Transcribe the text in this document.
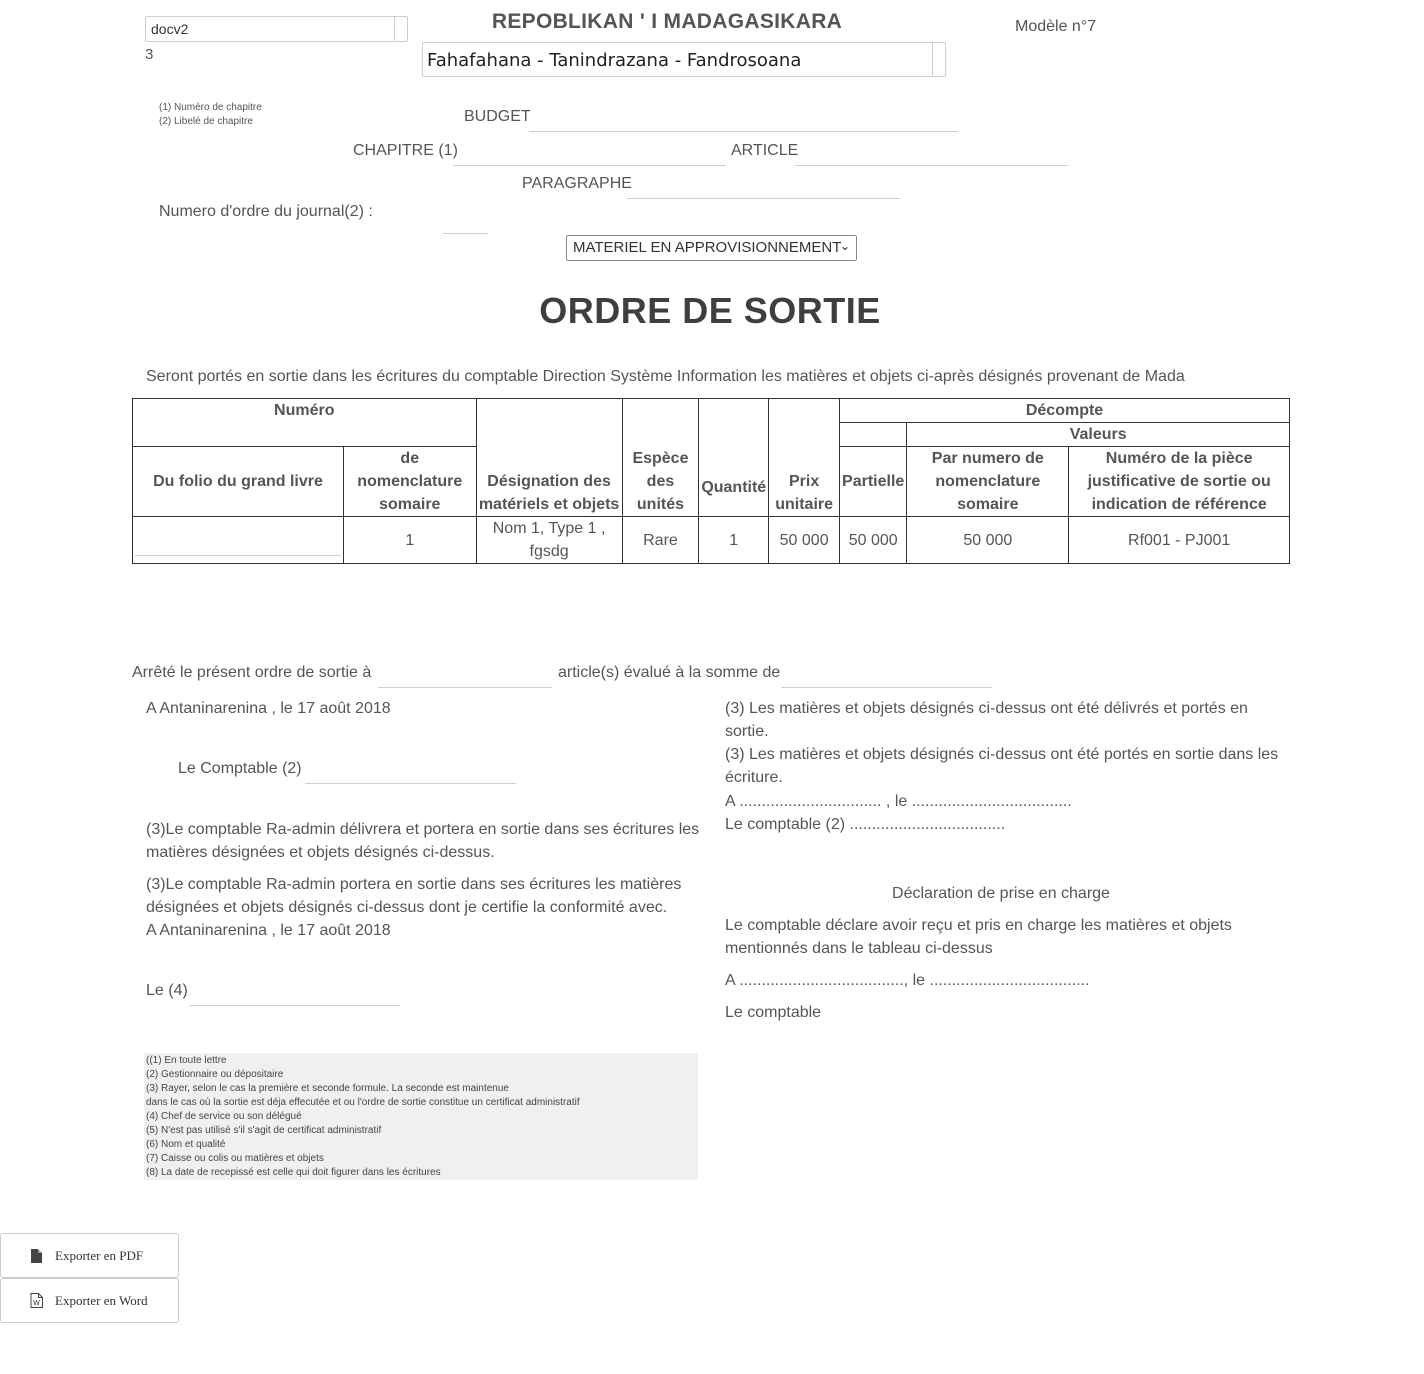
docv2
3
REPOBLIKAN ' I MADAGASIKARA
Fahafahana - Tanindrazana - Fandrosoana
Modèle n°7
(1) Numéro de chapitre
(2) Libelé de chapitre	BUDGET
CHAPITRE (1)	ARTICLE
PARAGRAPHE
Numero d'ordre du journal(2) :
MATERIEL EN APPROVISIONNEMENT
⌄
ORDRE DE SORTIE
Seront portés en sortie dans les écritures du comptable Direction Système Information les matières et objets ci-après désignés provenant de Mada
Numéro		Désignation des matériels et objets	Espèce des unités	Quantité	Prix unitaire	Décompte		
							Valeurs	
Du folio du grand livre	de nomenclature somaire					Partielle	Par numero de nomenclature somaire	Numéro de la pièce justificative de sortie ou indication de référence

	1	Nom 1, Type 1 , fgsdg	Rare	1	50 000	50 000	50 000	Rf001 - PJ001
Arrêté le présent ordre de sortie à	article(s) évalué à la somme de
A Antaninarenina , le 17 août 2018
Le Comptable (2)
(3)Le comptable Ra-admin délivrera et portera en sortie dans ses écritures les matières désignées et objets désignés ci-dessus.
(3)Le comptable Ra-admin portera en sortie dans ses écritures les matières désignées et objets désignés ci-dessus dont je certifie la conformité avec.
A Antaninarenina , le 17 août 2018
Le (4)
(3) Les matières et objets désignés ci-dessus ont été délivrés et portés en sortie.
(3) Les matières et objets désignés ci-dessus ont été portés en sortie dans les écriture.
A ................................ , le ....................................
Le comptable (2) ...................................
Déclaration de prise en charge
Le comptable déclare avoir reçu et pris en charge les matières et objets mentionnés dans le tableau ci-dessus
A ....................................., le ....................................
Le comptable
((1) En toute lettre
(2) Gestionnaire ou dépositaire
(3) Rayer, selon le cas la première et seconde formule. La seconde est maintenue
dans le cas où la sortie est déja effecutée et ou l'ordre de sortie constitue un certificat administratif
(4) Chef de service ou son délégué
(5) N'est pas utilisé s'il s'agit de certificat administratif
(6) Nom et qualité
(7) Caisse ou colis ou matières et objets
(8) La date de recepissé est celle qui doit figurer dans les écritures
Exporter en PDF
W Exporter en Word
